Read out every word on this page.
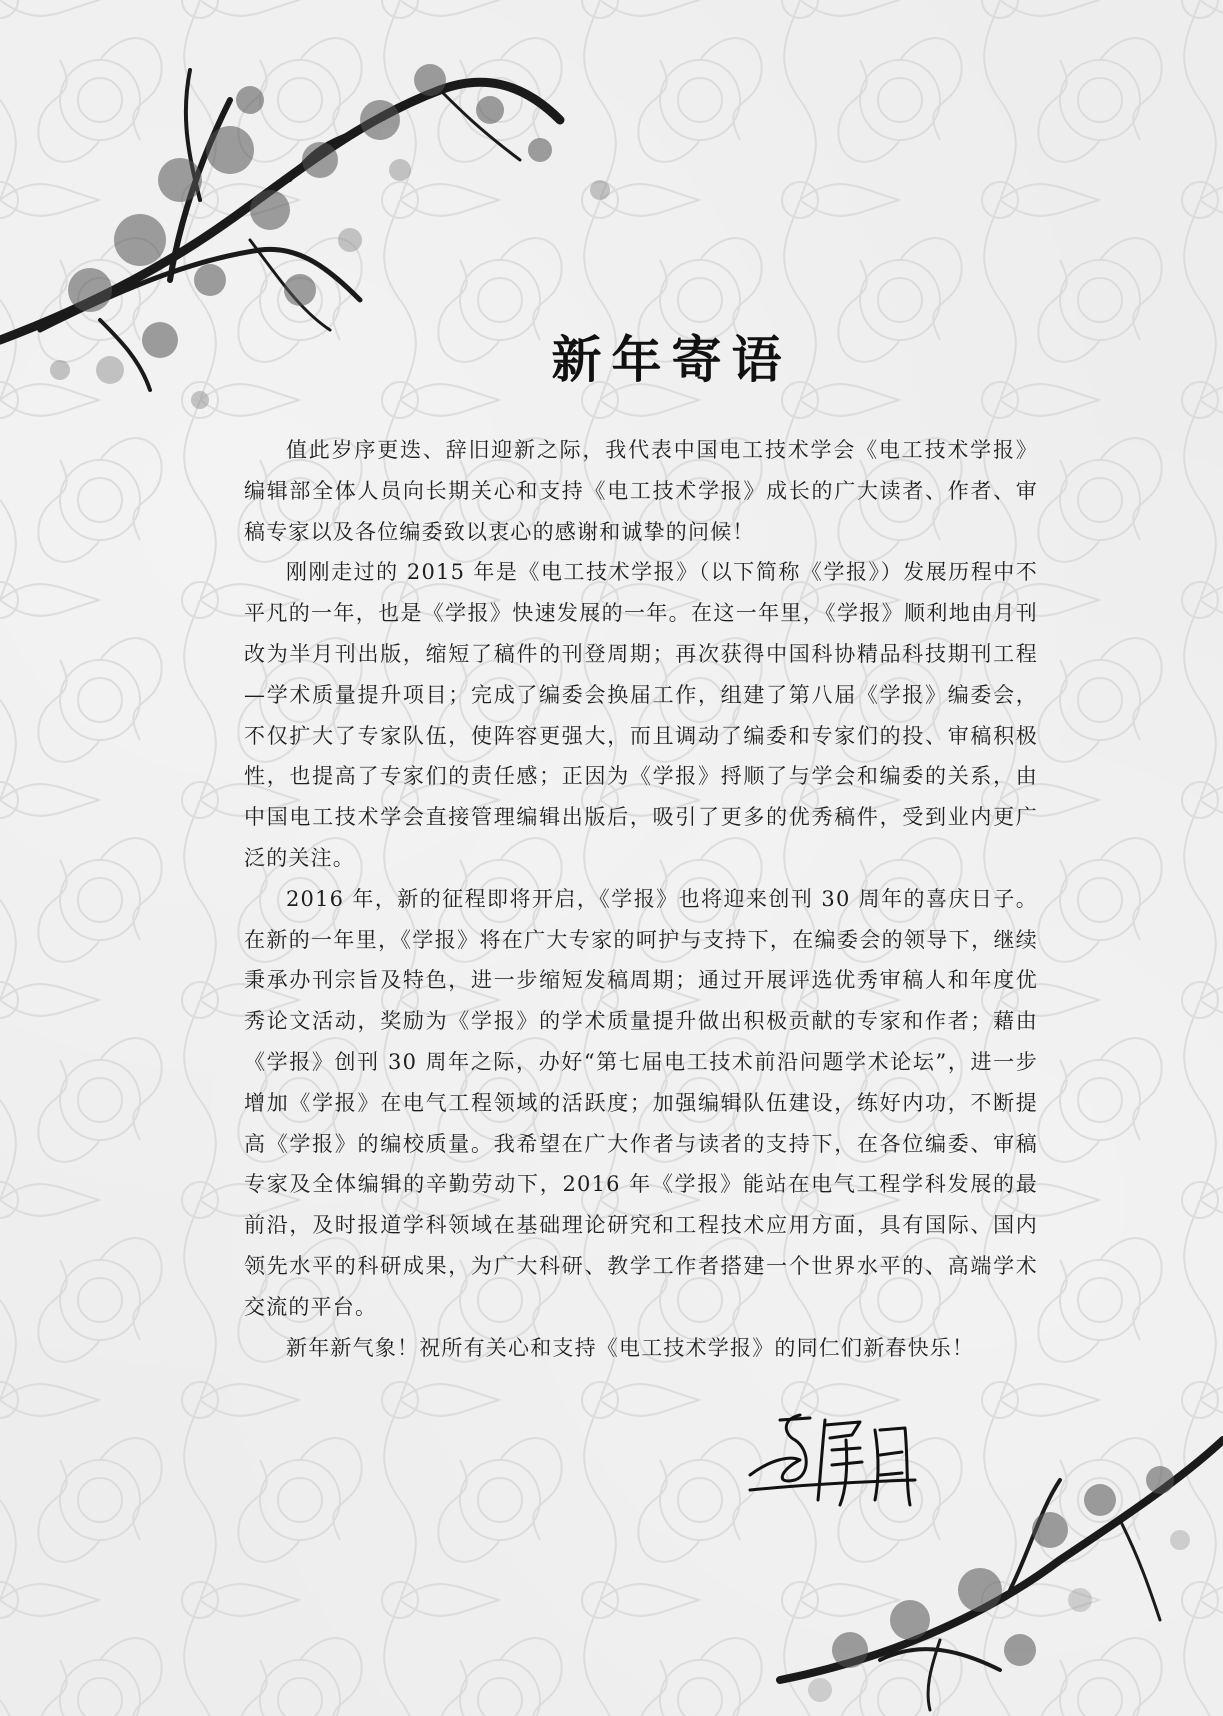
新年寄语

值此岁序更迭、辞旧迎新之际，我代表中国电工技术学会《电工技术学报》编辑部全体人员向长期关心和支持《电工技术学报》成长的广大读者、作者、审稿专家以及各位编委致以衷心的感谢和诚挚的问候！

刚刚走过的 2015 年是《电工技术学报》（以下简称《学报》）发展历程中不平凡的一年，也是《学报》快速发展的一年。在这一年里，《学报》顺利地由月刊改为半月刊出版，缩短了稿件的刊登周期；再次获得中国科协精品科技期刊工程—学术质量提升项目；完成了编委会换届工作，组建了第八届《学报》编委会，不仅扩大了专家队伍，使阵容更强大，而且调动了编委和专家们的投、审稿积极性，也提高了专家们的责任感；正因为《学报》捋顺了与学会和编委的关系，由中国电工技术学会直接管理编辑出版后，吸引了更多的优秀稿件，受到业内更广泛的关注。

2016 年，新的征程即将开启，《学报》也将迎来创刊 30 周年的喜庆日子。在新的一年里，《学报》将在广大专家的呵护与支持下，在编委会的领导下，继续秉承办刊宗旨及特色，进一步缩短发稿周期；通过开展评选优秀审稿人和年度优秀论文活动，奖励为《学报》的学术质量提升做出积极贡献的专家和作者；藉由《学报》创刊 30 周年之际，办好“第七届电工技术前沿问题学术论坛”，进一步增加《学报》在电气工程领域的活跃度；加强编辑队伍建设，练好内功，不断提高《学报》的编校质量。我希望在广大作者与读者的支持下，在各位编委、审稿专家及全体编辑的辛勤劳动下，2016 年《学报》能站在电气工程学科发展的最前沿，及时报道学科领域在基础理论研究和工程技术应用方面，具有国际、国内领先水平的科研成果，为广大科研、教学工作者搭建一个世界水平的、高端学术交流的平台。

新年新气象！祝所有关心和支持《电工技术学报》的同仁们新春快乐！
